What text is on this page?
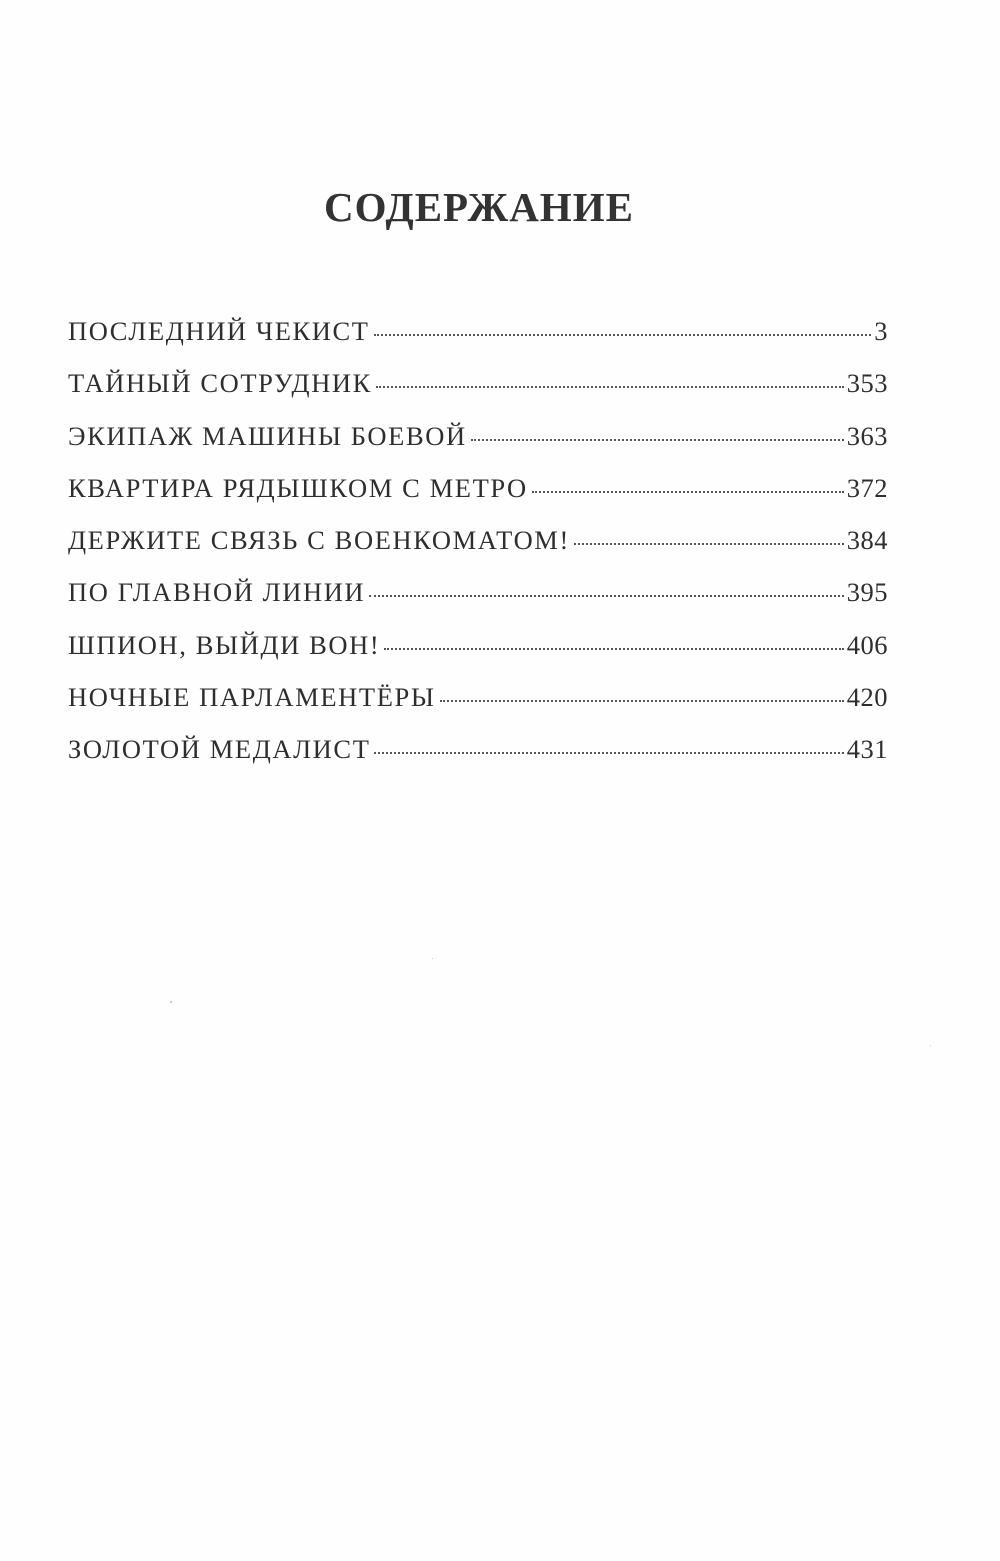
СОДЕРЖАНИЕ
ПОСЛЕДНИЙ ЧЕКИСТ	3
ТАЙНЫЙ СОТРУДНИК	353
ЭКИПАЖ МАШИНЫ БОЕВОЙ	363
КВАРТИРА РЯДЫШКОМ С МЕТРО	372
ДЕРЖИТЕ СВЯЗЬ С ВОЕНКОМАТОМ!	384
ПО ГЛАВНОЙ ЛИНИИ	395
ШПИОН, ВЫЙДИ ВОН!	406
НОЧНЫЕ ПАРЛАМЕНТЁРЫ	420
ЗОЛОТОЙ МЕДАЛИСТ	431
